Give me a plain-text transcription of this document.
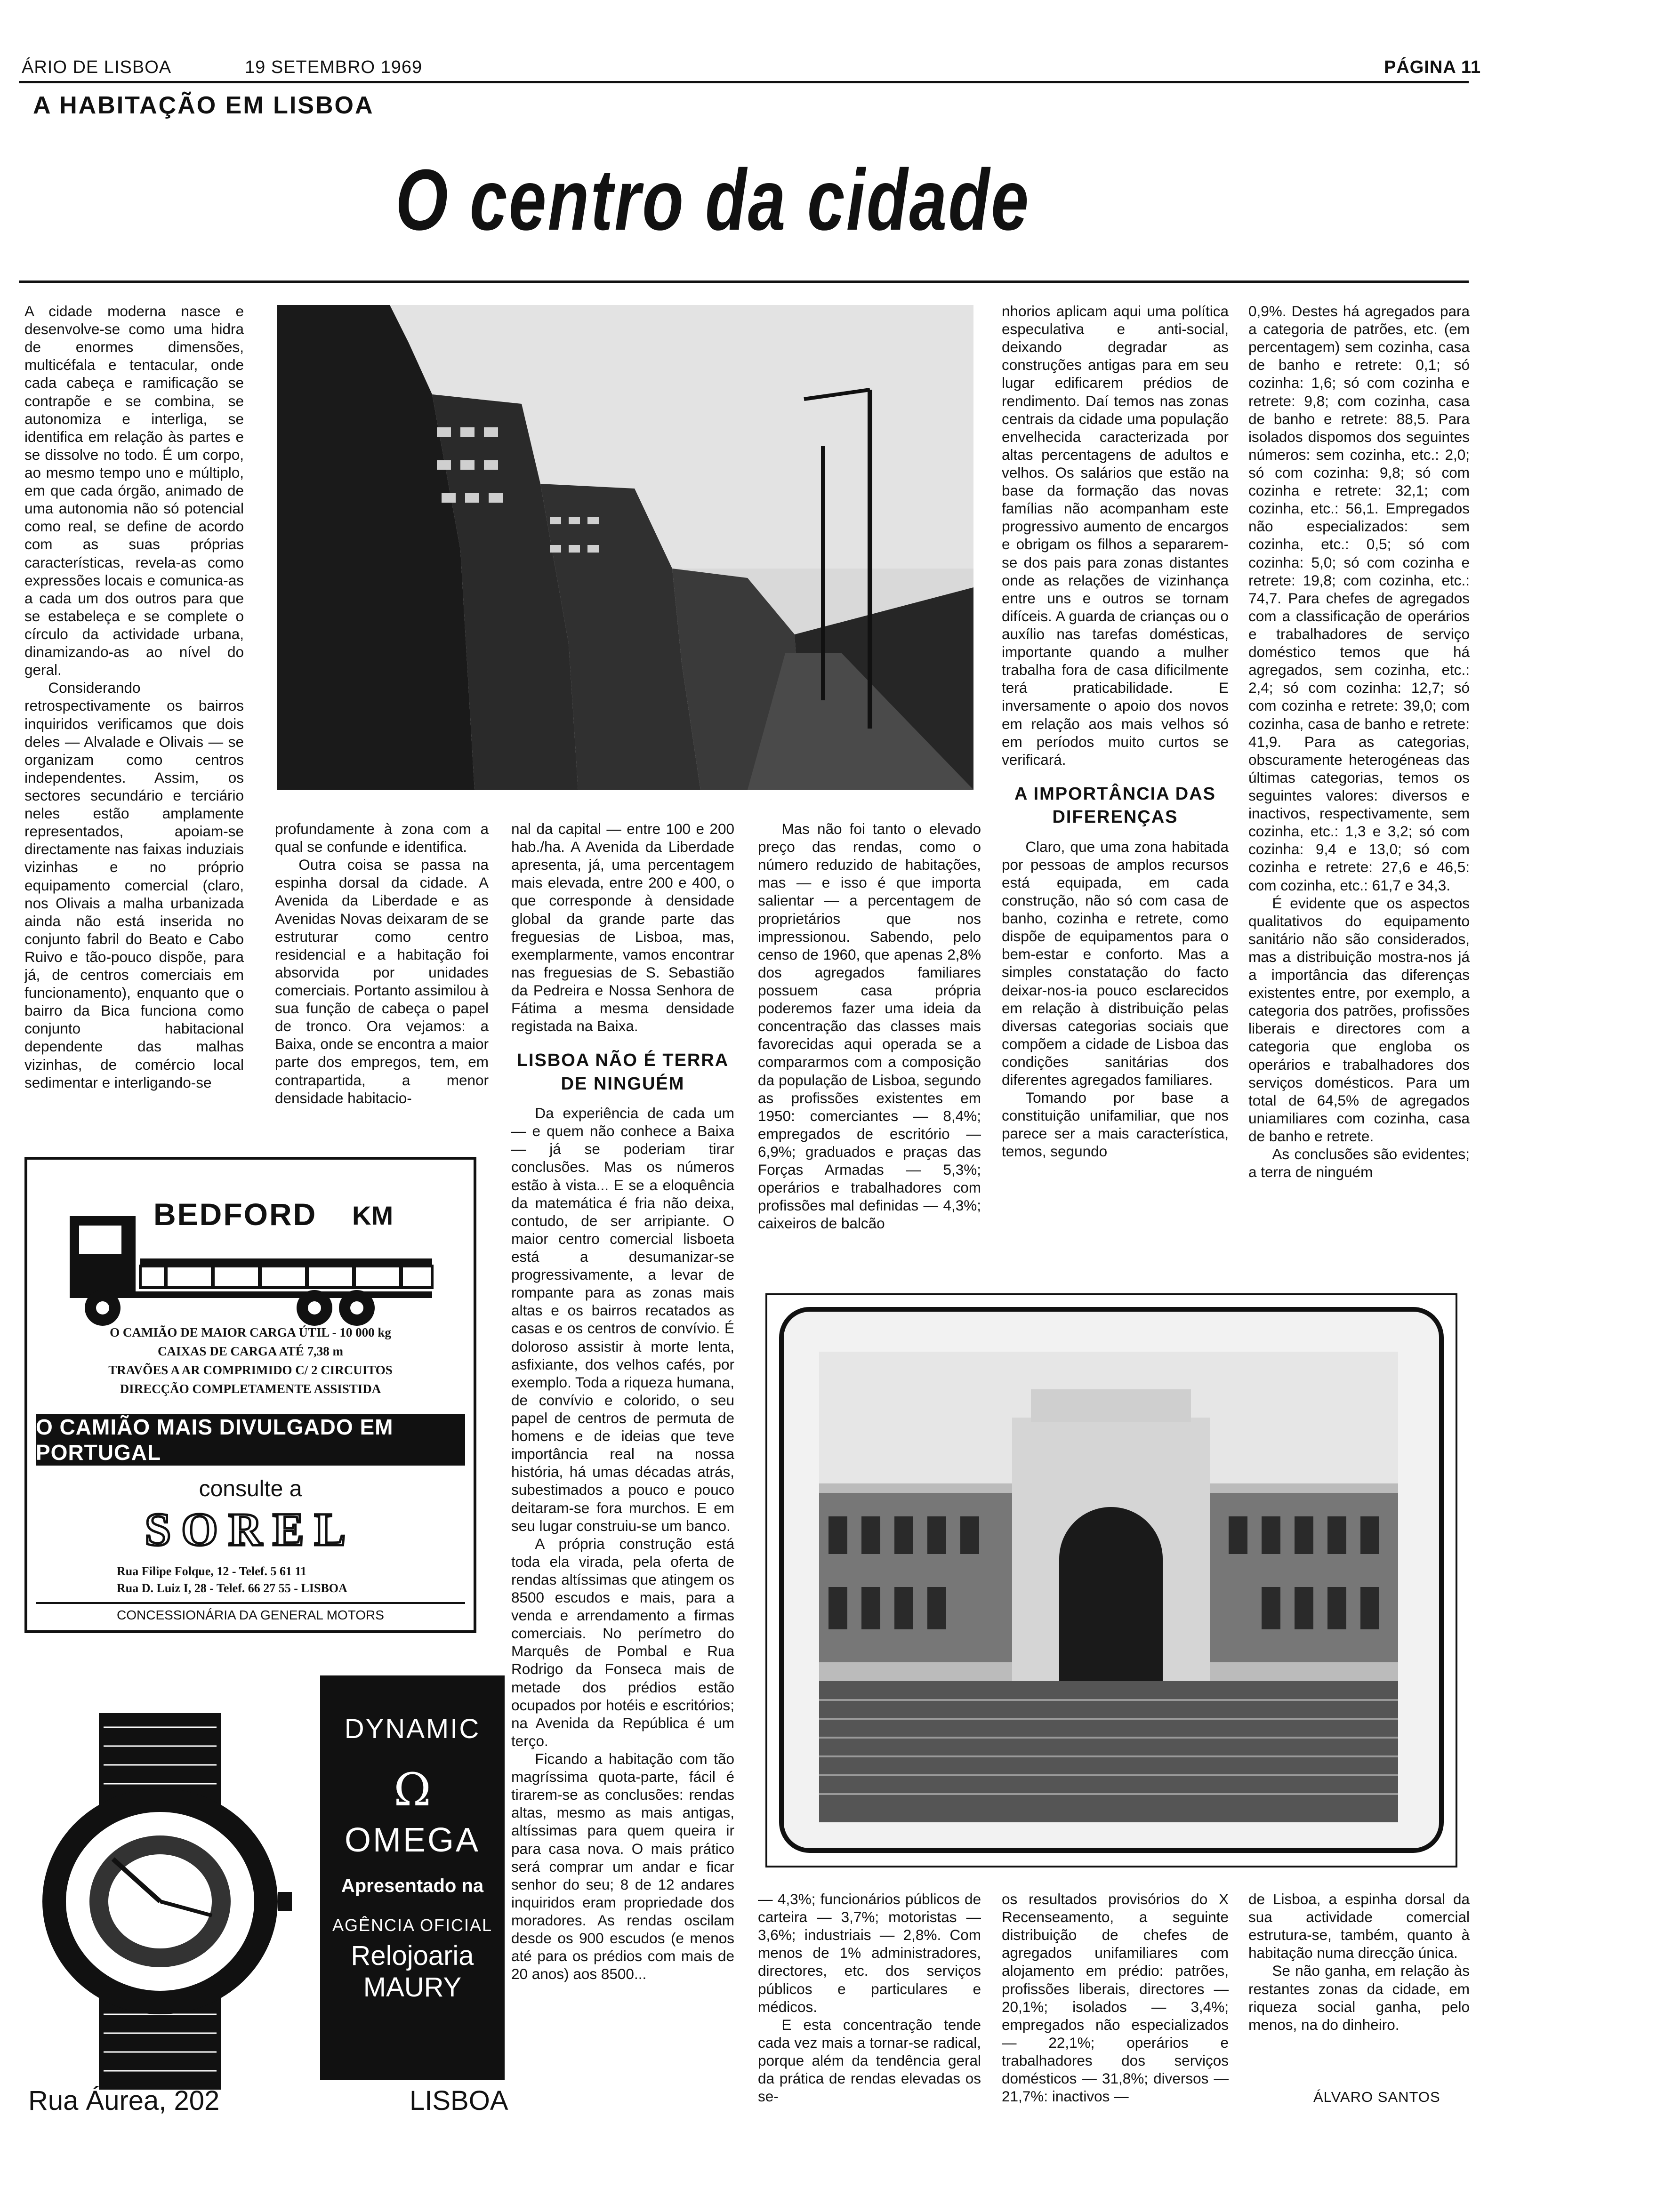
ÁRIO DE LISBOA	19 SETEMBRO 1969	PÁGINA 11
A HABITAÇÃO EM LISBOA
O centro da cidade

A cidade moderna nasce e desenvolve-se como uma hidra de enormes dimensões, multicéfala e tentacular, onde cada cabeça e ramificação se contrapõe e se combina, se autonomiza e interliga, se identifica em relação às partes e se dissolve no todo. É um corpo, ao mesmo tempo uno e múltiplo, em que cada órgão, animado de uma autonomia não só potencial como real, se define de acordo com as suas próprias características, revela-as como expressões locais e comunica-as a cada um dos outros para que se estabeleça e se complete o círculo da actividade urbana, dinamizando-as ao nível do geral.

Considerando retrospectivamente os bairros inquiridos verificamos que dois deles — Alvalade e Olivais — se organizam como centros independentes. Assim, os sectores secundário e terciário neles estão amplamente representados, apoiam-se directamente nas faixas induziais vizinhas e no próprio equipamento comercial (claro, nos Olivais a malha urbanizada ainda não está inserida no conjunto fabril do Beato e Cabo Ruivo e tão-pouco dispõe, para já, de centros comerciais em funcionamento), enquanto que o bairro da Bica funciona como conjunto habitacional dependente das malhas vizinhas, de comércio local sedimentar e interligando-se

profundamente à zona com a qual se confunde e identifica.

Outra coisa se passa na espinha dorsal da cidade. A Avenida da Liberdade e as Avenidas Novas deixaram de se estruturar como centro residencial e a habitação foi absorvida por unidades comerciais. Portanto assimilou à sua função de cabeça o papel de tronco. Ora vejamos: a Baixa, onde se encontra a maior parte dos empregos, tem, em contrapartida, a menor densidade habitacio-

nal da capital — entre 100 e 200 hab./ha. A Avenida da Liberdade apresenta, já, uma percentagem mais elevada, entre 200 e 400, o que corresponde à densidade global da grande parte das freguesias de Lisboa, mas, exemplarmente, vamos encontrar nas freguesias de S. Sebastião da Pedreira e Nossa Senhora de Fátima a mesma densidade registada na Baixa.

LISBOA NÃO É TERRA DE NINGUÉM

Da experiência de cada um — e quem não conhece a Baixa — já se poderiam tirar conclusões. Mas os números estão à vista... E se a eloquência da matemática é fria não deixa, contudo, de ser arripiante. O maior centro comercial lisboeta está a desumanizar-se progressivamente, a levar de rompante para as zonas mais altas e os bairros recatados as casas e os centros de convívio. É doloroso assistir à morte lenta, asfixiante, dos velhos cafés, por exemplo. Toda a riqueza humana, de convívio e colorido, o seu papel de centros de permuta de homens e de ideias que teve importância real na nossa história, há umas décadas atrás, subestimados a pouco e pouco deitaram-se fora murchos. E em seu lugar construiu-se um banco.

A própria construção está toda ela virada, pela oferta de rendas altíssimas que atingem os 8500 escudos e mais, para a venda e arrendamento a firmas comerciais. No perímetro do Marquês de Pombal e Rua Rodrigo da Fonseca mais de metade dos prédios estão ocupados por hotéis e escritórios; na Avenida da República é um terço.

Ficando a habitação com tão magríssima quota-parte, fácil é tirarem-se as conclusões: rendas altas, mesmo as mais antigas, altíssimas para quem queira ir para casa nova. O mais prático será comprar um andar e ficar senhor do seu; 8 de 12 andares inquiridos eram propriedade dos moradores. As rendas oscilam desde os 900 escudos (e menos até para os prédios com mais de 20 anos) aos 8500...

Mas não foi tanto o elevado preço das rendas, como o número reduzido de habitações, mas — e isso é que importa salientar — a percentagem de proprietários que nos impressionou. Sabendo, pelo censo de 1960, que apenas 2,8% dos agregados familiares possuem casa própria poderemos fazer uma ideia da concentração das classes mais favorecidas aqui operada se a compararmos com a composição da população de Lisboa, segundo as profissões existentes em 1950: comerciantes — 8,4%; empregados de escritório — 6,9%; graduados e praças das Forças Armadas — 5,3%; operários e trabalhadores com profissões mal definidas — 4,3%; caixeiros de balcão

nhorios aplicam aqui uma política especulativa e anti-social, deixando degradar as construções antigas para em seu lugar edificarem prédios de rendimento. Daí temos nas zonas centrais da cidade uma população envelhecida caracterizada por altas percentagens de adultos e velhos. Os salários que estão na base da formação das novas famílias não acompanham este progressivo aumento de encargos e obrigam os filhos a separarem-se dos pais para zonas distantes onde as relações de vizinhança entre uns e outros se tornam difíceis. A guarda de crianças ou o auxílio nas tarefas domésticas, importante quando a mulher trabalha fora de casa dificilmente terá praticabilidade. E inversamente o apoio dos novos em relação aos mais velhos só em períodos muito curtos se verificará.

A IMPORTÂNCIA DAS DIFERENÇAS

Claro, que uma zona habitada por pessoas de amplos recursos está equipada, em cada construção, não só com casa de banho, cozinha e retrete, como dispõe de equipamentos para o bem-estar e conforto. Mas a simples constatação do facto deixar-nos-ia pouco esclarecidos em relação à distribuição pelas diversas categorias sociais que compõem a cidade de Lisboa das condições sanitárias dos diferentes agregados familiares.

Tomando por base a constituição unifamiliar, que nos parece ser a mais característica, temos, segundo

0,9%. Destes há agregados para a categoria de patrões, etc. (em percentagem) sem cozinha, casa de banho e retrete: 0,1; só cozinha: 1,6; só com cozinha e retrete: 9,8; com cozinha, casa de banho e retrete: 88,5. Para isolados dispomos dos seguintes números: sem cozinha, etc.: 2,0; só com cozinha: 9,8; só com cozinha e retrete: 32,1; com cozinha, etc.: 56,1. Empregados não especializados: sem cozinha, etc.: 0,5; só com cozinha: 5,0; só com cozinha e retrete: 19,8; com cozinha, etc.: 74,7. Para chefes de agregados com a classificação de operários e trabalhadores de serviço doméstico temos que há agregados, sem cozinha, etc.: 2,4; só com cozinha: 12,7; só com cozinha e retrete: 39,0; com cozinha, casa de banho e retrete: 41,9. Para as categorias, obscuramente heterogéneas das últimas categorias, temos os seguintes valores: diversos e inactivos, respectivamente, sem cozinha, etc.: 1,3 e 3,2; só com cozinha: 9,4 e 13,0; só com cozinha e retrete: 27,6 e 46,5: com cozinha, etc.: 61,7 e 34,3.

É evidente que os aspectos qualitativos do equipamento sanitário não são considerados, mas a distribuição mostra-nos já a importância das diferenças existentes entre, por exemplo, a categoria dos patrões, profissões liberais e directores com a categoria que engloba os operários e trabalhadores dos serviços domésticos. Para um total de 64,5% de agregados uniamiliares com cozinha, casa de banho e retrete.

As conclusões são evidentes; a terra de ninguém

— 4,3%; funcionários públicos de carteira — 3,7%; motoristas — 3,6%; industriais — 2,8%. Com menos de 1% administradores, directores, etc. dos serviços públicos e particulares e médicos.

E esta concentração tende cada vez mais a tornar-se radical, porque além da tendência geral da prática de rendas elevadas os se-

os resultados provisórios do X Recenseamento, a seguinte distribuição de chefes de agregados unifamiliares com alojamento em prédio: patrões, profissões liberais, directores — 20,1%; isolados — 3,4%; empregados não especializados — 22,1%; operários e trabalhadores dos serviços domésticos — 31,8%; diversos — 21,7%: inactivos —

de Lisboa, a espinha dorsal da sua actividade comercial estrutura-se, também, quanto à habitação numa direcção única.

Se não ganha, em relação às restantes zonas da cidade, em riqueza social ganha, pelo menos, na do dinheiro.

ÁLVARO SANTOS
BEDFORD KM
O CAMIÃO DE MAIOR CARGA ÚTIL - 10 000 kg
CAIXAS DE CARGA ATÉ 7,38 m
TRAVÕES A AR COMPRIMIDO C/ 2 CIRCUITOS
DIRECÇÃO COMPLETAMENTE ASSISTIDA
O CAMIÃO MAIS DIVULGADO EM PORTUGAL
consulte a
SOREL
Rua Filipe Folque, 12 - Telef. 5 61 11
Rua D. Luiz I, 28 - Telef. 66 27 55 - LISBOA
CONCESSIONÁRIA DA GENERAL MOTORS
DYNAMIC
Ω
OMEGA
Apresentado na
AGÊNCIA OFICIAL
Relojoaria
MAURY
Rua Áurea, 202	LISBOA
